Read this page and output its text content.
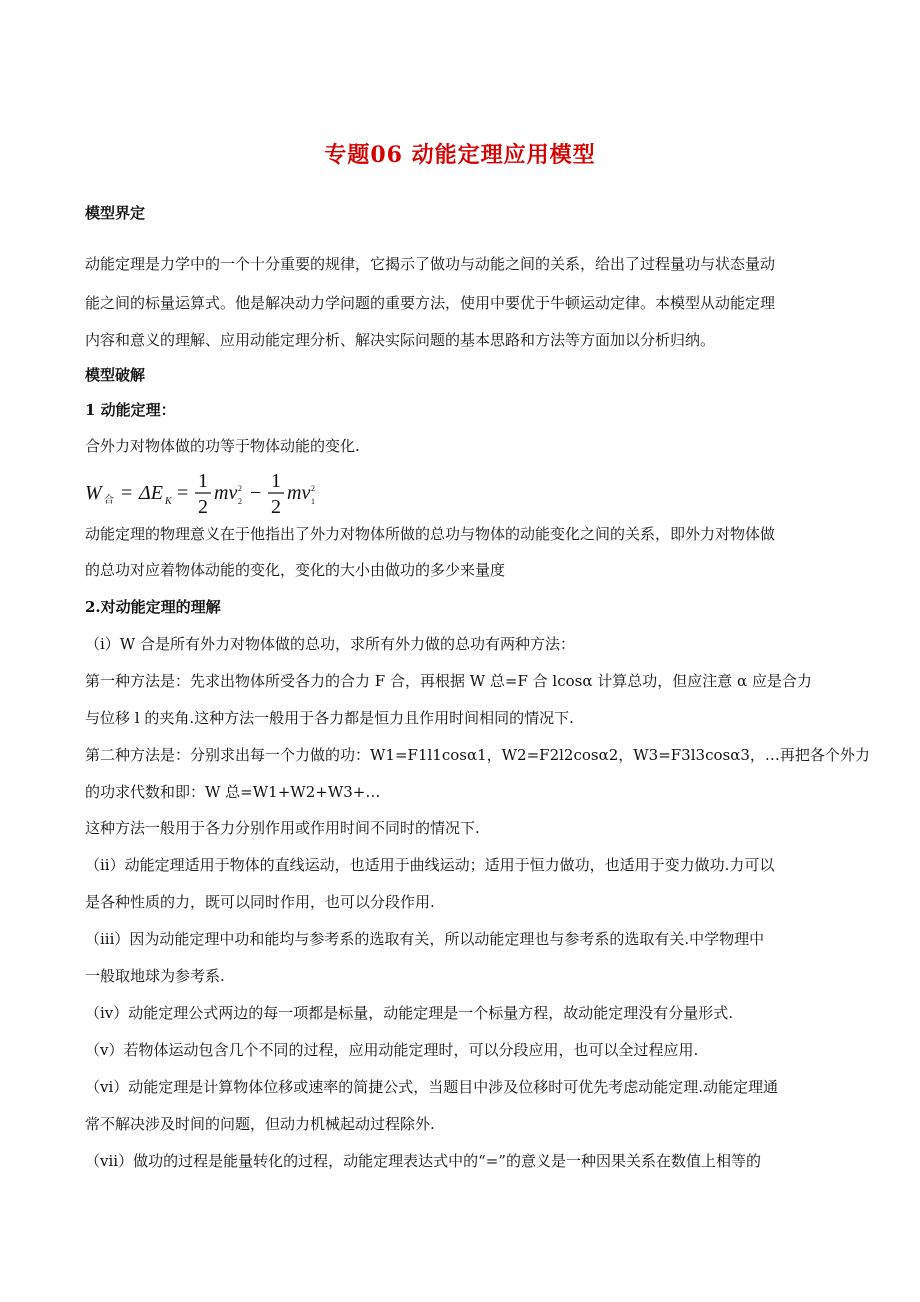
专题06 动能定理应用模型
模型界定
动能定理是力学中的一个十分重要的规律，它揭示了做功与动能之间的关系，给出了过程量功与状态量动
能之间的标量运算式。他是解决动力学问题的重要方法，使用中要优于牛顿运动定律。本模型从动能定理
内容和意义的理解、应用动能定理分析、解决实际问题的基本思路和方法等方面加以分析归纳。
模型破解
1 动能定理：
合外力对物体做的功等于物体动能的变化.
W 合 = ΔE K =
1
2
mv 2
2 −
1
2
mv 1
2
动能定理的物理意义在于他指出了外力对物体所做的总功与物体的动能变化之间的关系，即外力对物体做
的总功对应着物体动能的变化，变化的大小由做功的多少来量度
2.对动能定理的理解
（i）W 合是所有外力对物体做的总功，求所有外力做的总功有两种方法：
第一种方法是：先求出物体所受各力的合力 F 合，再根据 W 总=F 合 lcosα 计算总功，但应注意 α 应是合力
与位移 l 的夹角.这种方法一般用于各力都是恒力且作用时间相同的情况下.
第二种方法是：分别求出每一个力做的功：W1=F1l1cosα1，W2=F2l2cosα2，W3=F3l3cosα3，…再把各个外力
的功求代数和即：W 总=W1+W2+W3+…
这种方法一般用于各力分别作用或作用时间不同时的情况下.
（ii）动能定理适用于物体的直线运动，也适用于曲线运动；适用于恒力做功，也适用于变力做功.力可以
是各种性质的力，既可以同时作用，也可以分段作用.
（iii）因为动能定理中功和能均与参考系的选取有关，所以动能定理也与参考系的选取有关.中学物理中
一般取地球为参考系.
（iv）动能定理公式两边的每一项都是标量，动能定理是一个标量方程，故动能定理没有分量形式.
（v）若物体运动包含几个不同的过程，应用动能定理时，可以分段应用，也可以全过程应用.
（vi）动能定理是计算物体位移或速率的简捷公式，当题目中涉及位移时可优先考虑动能定理.动能定理通
常不解决涉及时间的问题，但动力机械起动过程除外.
（vii）做功的过程是能量转化的过程，动能定理表达式中的“=”的意义是一种因果关系在数值上相等的
